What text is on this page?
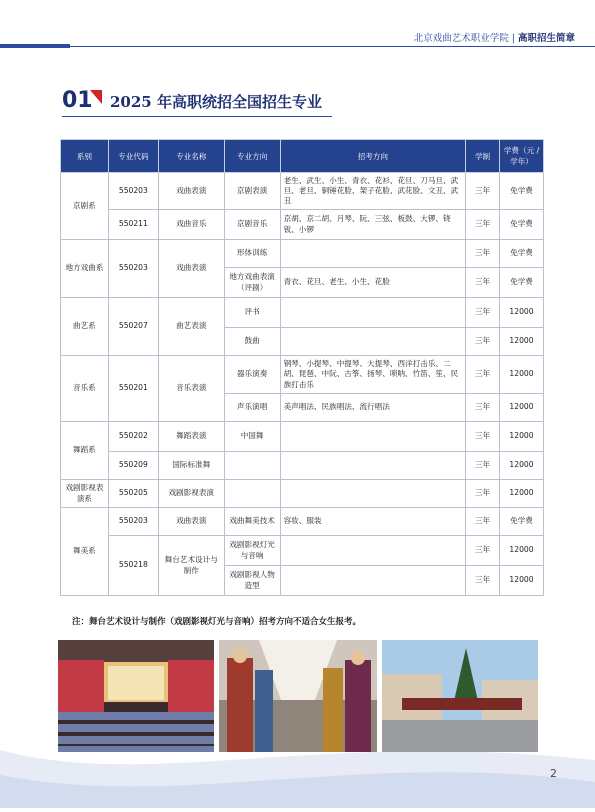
北京戏曲艺术职业学院 | 高职招生简章
01 2025 年高职统招全国招生专业
系别	专业代码	专业名称	专业方向	招考方向	学制	学费（元 / 学年）
京剧系	550203	戏曲表演	京剧表演	老生、武生、小生、青衣、花衫、花旦、刀马旦、武旦、老旦、铜锤花脸、架子花脸、武花脸、文丑、武丑	三年	免学费
	550211	戏曲音乐	京剧音乐	京胡、京二胡、月琴、阮、三弦、板鼓、大锣、铙钹、小锣	三年	免学费
地方戏曲系	550203	戏曲表演	形体训练		三年	免学费
			地方戏曲表演（评剧）	青衣、花旦、老生、小生、花脸	三年	免学费
曲艺系	550207	曲艺表演	评书		三年	12000
			鼓曲		三年	12000
音乐系	550201	音乐表演	器乐演奏	钢琴、小提琴、中提琴、大提琴、西洋打击乐、二胡、琵琶、中阮、古筝、扬琴、唢呐、竹笛、笙、民族打击乐	三年	12000
			声乐演唱	美声唱法、民族唱法、流行唱法	三年	12000
舞蹈系	550202	舞蹈表演	中国舞		三年	12000
	550209	国际标准舞			三年	12000
戏剧影视表演系	550205	戏剧影视表演			三年	12000
舞美系	550203	戏曲表演	戏曲舞美技术	容妆、服装	三年	免学费
	550218	舞台艺术设计与制作	戏剧影视灯光与音响		三年	12000
			戏剧影视人物造型		三年	12000
注：舞台艺术设计与制作（戏剧影视灯光与音响）招考方向不适合女生报考。
2
